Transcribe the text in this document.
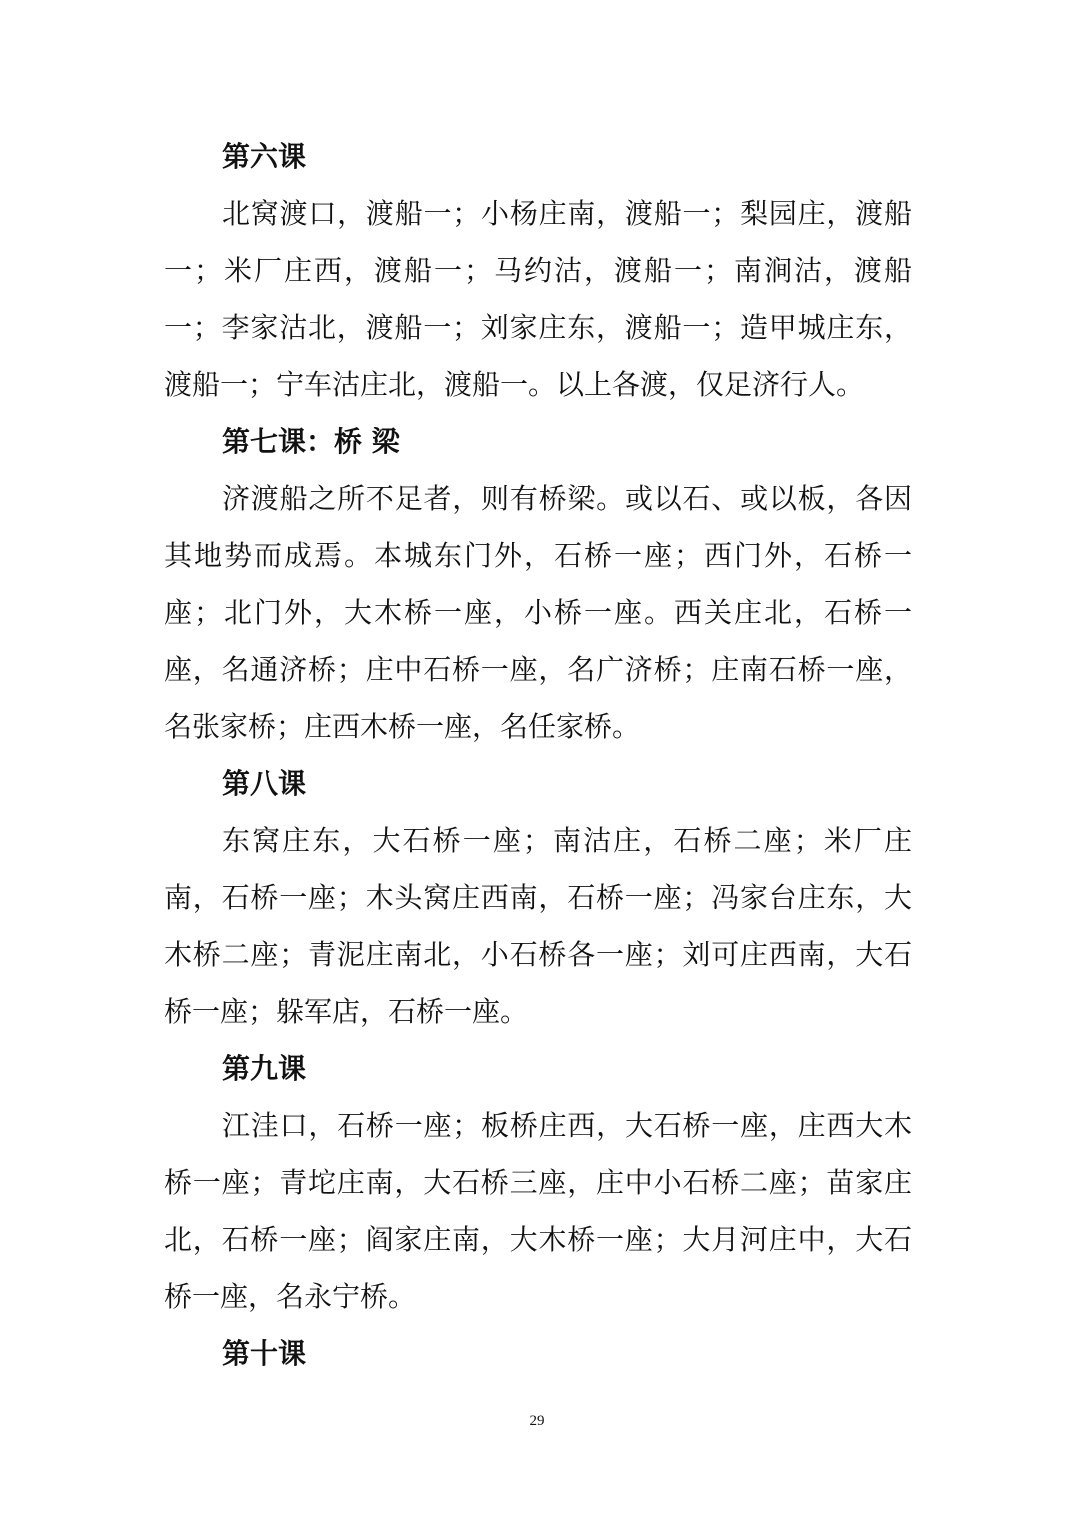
第六课

北窝渡口，渡船一；小杨庄南，渡船一；梨园庄，渡船一；米厂庄西，渡船一；马约沽，渡船一；南涧沽，渡船一；李家沽北，渡船一；刘家庄东，渡船一；造甲城庄东，渡船一；宁车沽庄北，渡船一。以上各渡，仅足济行人。

第七课：桥 梁

济渡船之所不足者，则有桥梁。或以石、或以板，各因其地势而成焉。本城东门外，石桥一座；西门外，石桥一座；北门外，大木桥一座，小桥一座。西关庄北，石桥一座，名通济桥；庄中石桥一座，名广济桥；庄南石桥一座，名张家桥；庄西木桥一座，名任家桥。

第八课

东窝庄东，大石桥一座；南沽庄，石桥二座；米厂庄南，石桥一座；木头窝庄西南，石桥一座；冯家台庄东，大木桥二座；青泥庄南北，小石桥各一座；刘可庄西南，大石桥一座；躲军店，石桥一座。

第九课

江洼口，石桥一座；板桥庄西，大石桥一座，庄西大木桥一座；青坨庄南，大石桥三座，庄中小石桥二座；苗家庄北，石桥一座；阎家庄南，大木桥一座；大月河庄中，大石桥一座，名永宁桥。

第十课
29
